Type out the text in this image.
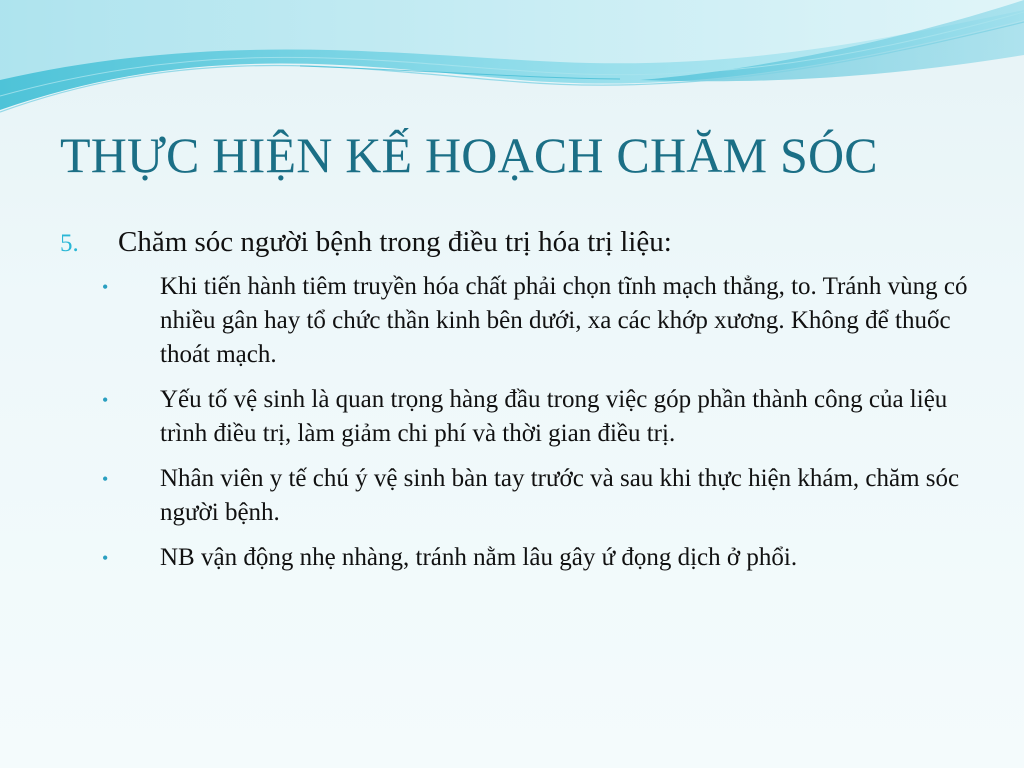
THỰC HIỆN KẾ HOẠCH CHĂM SÓC
5.	Chăm sóc người bệnh trong điều trị hóa trị liệu:
•	Khi tiến hành tiêm truyền hóa chất phải chọn tĩnh mạch thẳng, to. Tránh vùng có nhiều gân hay tổ chức thần kinh bên dưới, xa các khớp xương. Không để thuốc thoát mạch.
•	Yếu tố vệ sinh là quan trọng hàng đầu trong việc góp phần thành công của liệu trình điều trị, làm giảm chi phí và thời gian điều trị.
•	Nhân viên y tế chú ý vệ sinh bàn tay trước và sau khi thực hiện khám, chăm sóc người bệnh.
•	NB vận động nhẹ nhàng, tránh nằm lâu gây ứ đọng dịch ở phổi.
